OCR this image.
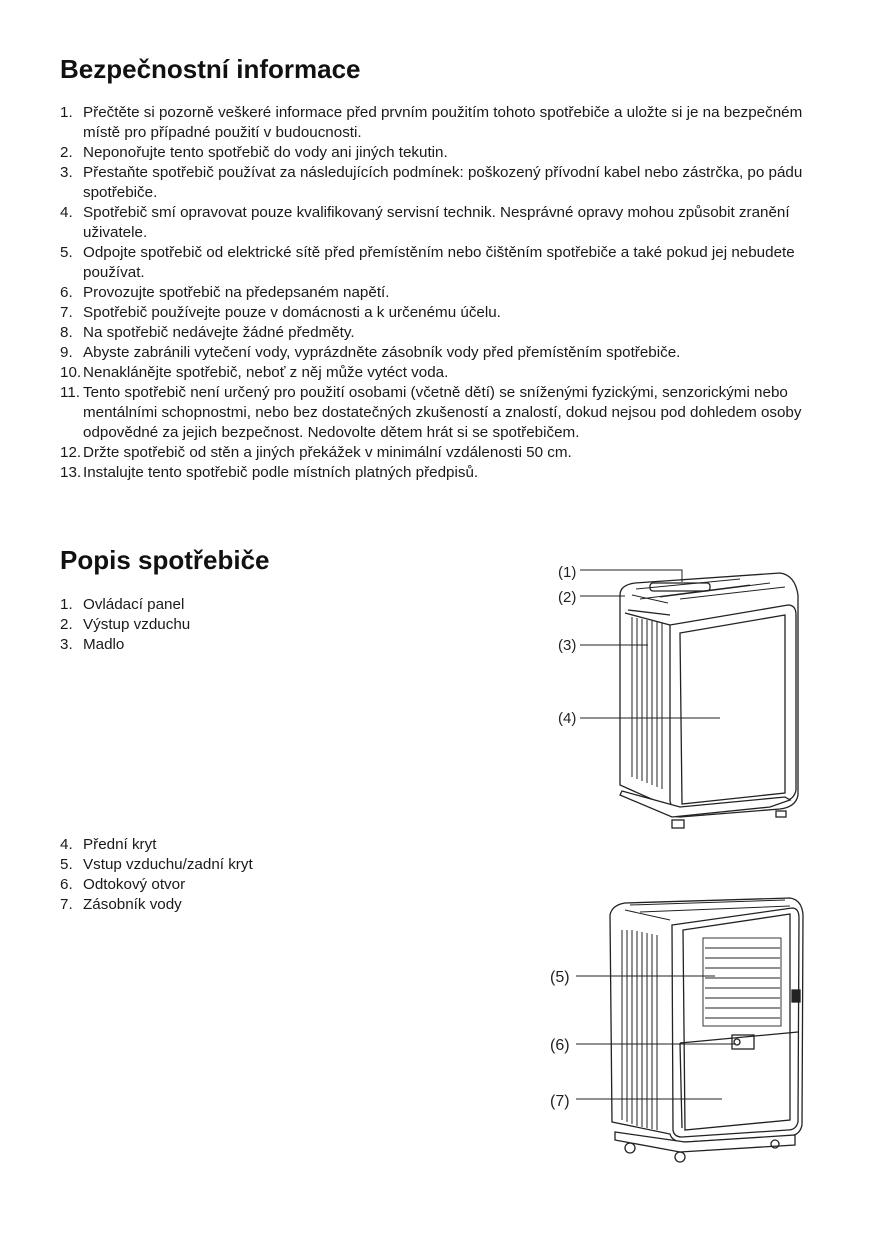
Bezpečnostní informace
1. Přečtěte si pozorně veškeré informace před prvním použitím tohoto spotřebiče a uložte si je na bezpečném místě pro případné použití v budoucnosti.
2. Neponořujte tento spotřebič do vody ani jiných tekutin.
3. Přestaňte spotřebič používat za následujících podmínek: poškozený přívodní kabel nebo zástrčka, po pádu spotřebiče.
4. Spotřebič smí opravovat pouze kvalifikovaný servisní technik. Nesprávné opravy mohou způsobit zranění uživatele.
5. Odpojte spotřebič od elektrické sítě před přemístěním nebo čištěním spotřebiče a také pokud jej nebudete používat.
6. Provozujte spotřebič na předepsaném napětí.
7. Spotřebič používejte pouze v domácnosti a k určenému účelu.
8. Na spotřebič nedávejte žádné předměty.
9. Abyste zabránili vytečení vody, vyprázdněte zásobník vody před přemístěním spotřebiče.
10. Nenaklánějte spotřebič, neboť z něj může vytéct voda.
11. Tento spotřebič není určený pro použití osobami (včetně dětí) se sníženými fyzickými, senzorickými nebo mentálními schopnostmi, nebo bez dostatečných zkušeností a znalostí, dokud nejsou pod dohledem osoby odpovědné za jejich bezpečnost. Nedovolte dětem hrát si se spotřebičem.
12. Držte spotřebič od stěn a jiných překážek v minimální vzdálenosti 50 cm.
13. Instalujte tento spotřebič podle místních platných předpisů.
Popis spotřebiče
1. Ovládací panel
2. Výstup vzduchu
3. Madlo
4. Přední kryt
5. Vstup vzduchu/zadní kryt
6. Odtokový otvor
7. Zásobník vody
(1)
(2)
(3)
(4)
(5)
(6)
(7)
